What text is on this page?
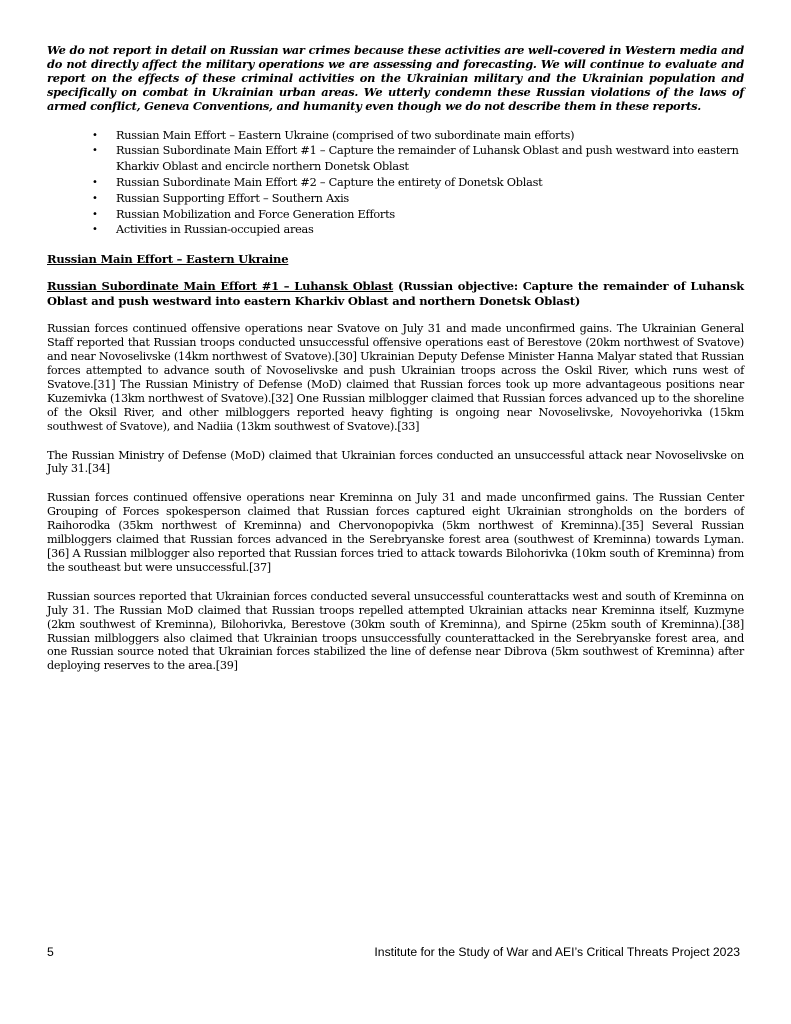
We do not report in detail on Russian war crimes because these activities are well-covered in Western media and do not directly affect the military operations we are assessing and forecasting. We will continue to evaluate and report on the effects of these criminal activities on the Ukrainian military and the Ukrainian population and specifically on combat in Ukrainian urban areas. We utterly condemn these Russian violations of the laws of armed conflict, Geneva Conventions, and humanity even though we do not describe them in these reports.

• Russian Main Effort – Eastern Ukraine (comprised of two subordinate main efforts)
• Russian Subordinate Main Effort #1 – Capture the remainder of Luhansk Oblast and push westward into eastern Kharkiv Oblast and encircle northern Donetsk Oblast
• Russian Subordinate Main Effort #2 – Capture the entirety of Donetsk Oblast
• Russian Supporting Effort – Southern Axis
• Russian Mobilization and Force Generation Efforts
• Activities in Russian-occupied areas
Russian Main Effort – Eastern Ukraine
Russian Subordinate Main Effort #1 – Luhansk Oblast (Russian objective: Capture the remainder of Luhansk Oblast and push westward into eastern Kharkiv Oblast and northern Donetsk Oblast)

Russian forces continued offensive operations near Svatove on July 31 and made unconfirmed gains. The Ukrainian General Staff reported that Russian troops conducted unsuccessful offensive operations east of Berestove (20km northwest of Svatove) and near Novoselivske (14km northwest of Svatove).[30] Ukrainian Deputy Defense Minister Hanna Malyar stated that Russian forces attempted to advance south of Novoselivske and push Ukrainian troops across the Oskil River, which runs west of Svatove.[31] The Russian Ministry of Defense (MoD) claimed that Russian forces took up more advantageous positions near Kuzemivka (13km northwest of Svatove).[32] One Russian milblogger claimed that Russian forces advanced up to the shoreline of the Oksil River, and other milbloggers reported heavy fighting is ongoing near Novoselivske, Novoyehorivka (15km southwest of Svatove), and Nadiia (13km southwest of Svatove).[33]

The Russian Ministry of Defense (MoD) claimed that Ukrainian forces conducted an unsuccessful attack near Novoselivske on July 31.[34]

Russian forces continued offensive operations near Kreminna on July 31 and made unconfirmed gains. The Russian Center Grouping of Forces spokesperson claimed that Russian forces captured eight Ukrainian strongholds on the borders of Raihorodka (35km northwest of Kreminna) and Chervonopopivka (5km northwest of Kreminna).[35] Several Russian milbloggers claimed that Russian forces advanced in the Serebryanske forest area (southwest of Kreminna) towards Lyman.[36] A Russian milblogger also reported that Russian forces tried to attack towards Bilohorivka (10km south of Kreminna) from the southeast but were unsuccessful.[37]

Russian sources reported that Ukrainian forces conducted several unsuccessful counterattacks west and south of Kreminna on July 31. The Russian MoD claimed that Russian troops repelled attempted Ukrainian attacks near Kreminna itself, Kuzmyne (2km southwest of Kreminna), Bilohorivka, Berestove (30km south of Kreminna), and Spirne (25km south of Kreminna).[38] Russian milbloggers also claimed that Ukrainian troops unsuccessfully counterattacked in the Serebryanske forest area, and one Russian source noted that Ukrainian forces stabilized the line of defense near Dibrova (5km southwest of Kreminna) after deploying reserves to the area.[39]

5	Institute for the Study of War and AEI’s Critical Threats Project 2023
